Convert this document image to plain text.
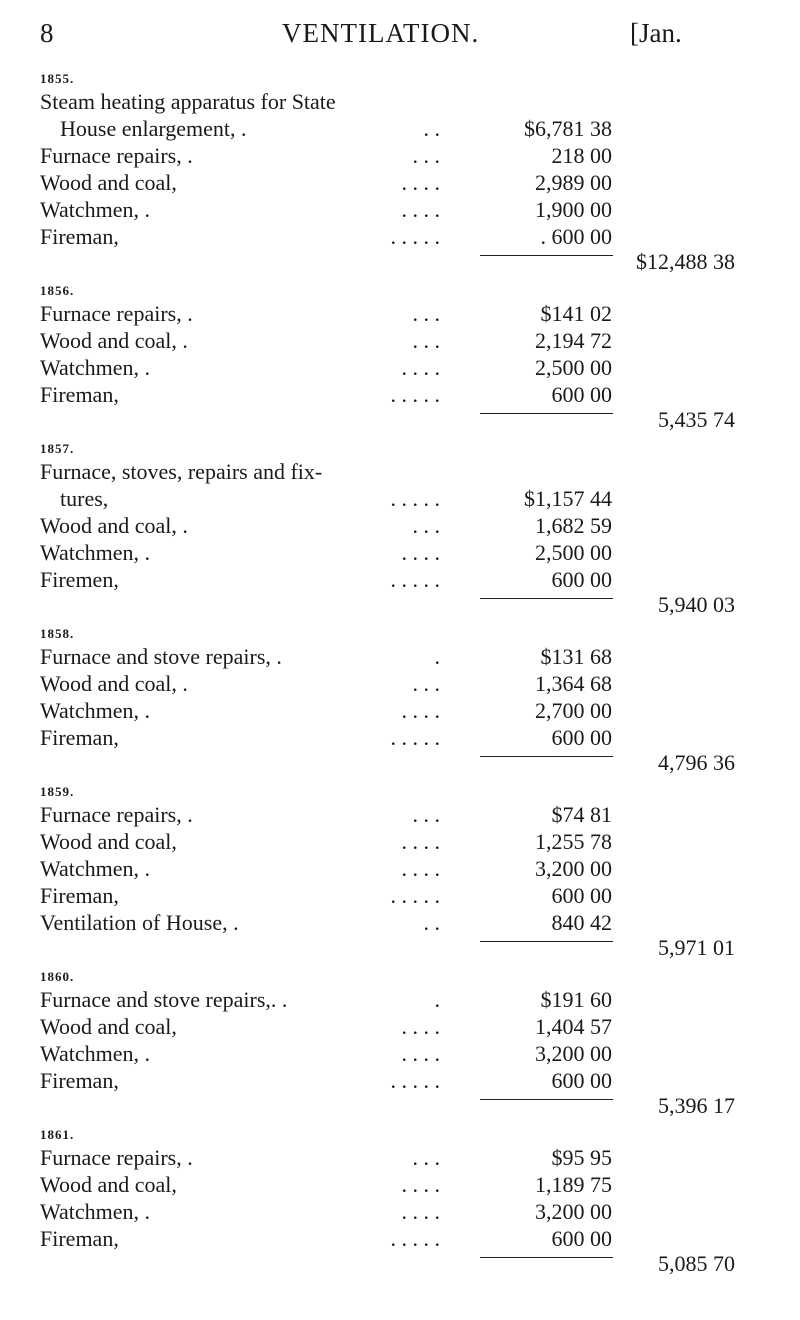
8	VENTILATION.	[Jan.
1855.
Steam heating apparatus for State
House enlargement, .	. .	$6,781 38
Furnace repairs, .	. . .	218 00
Wood and coal,	. . . .	2,989 00
Watchmen, .	. . . .	1,900 00
Fireman,	. . . . .	. 600 00
$12,488 38
1856.
Furnace repairs, .	. . .	$141 02
Wood and coal, .	. . .	2,194 72
Watchmen, .	. . . .	2,500 00
Fireman,	. . . . .	600 00
5,435 74
1857.
Furnace, stoves, repairs and fix-
tures,	. . . . .	$1,157 44
Wood and coal, .	. . .	1,682 59
Watchmen, .	. . . .	2,500 00
Firemen,	. . . . .	600 00
5,940 03
1858.
Furnace and stove repairs, .	.	$131 68
Wood and coal, .	. . .	1,364 68
Watchmen, .	. . . .	2,700 00
Fireman,	. . . . .	600 00
4,796 36
1859.
Furnace repairs, .	. . .	$74 81
Wood and coal,	. . . .	1,255 78
Watchmen, .	. . . .	3,200 00
Fireman,	. . . . .	600 00
Ventilation of House, .	. .	840 42
5,971 01
1860.
Furnace and stove repairs,. .	.	$191 60
Wood and coal,	. . . .	1,404 57
Watchmen, .	. . . .	3,200 00
Fireman,	. . . . .	600 00
5,396 17
1861.
Furnace repairs, .	. . .	$95 95
Wood and coal,	. . . .	1,189 75
Watchmen, .	. . . .	3,200 00
Fireman,	. . . . .	600 00
5,085 70
